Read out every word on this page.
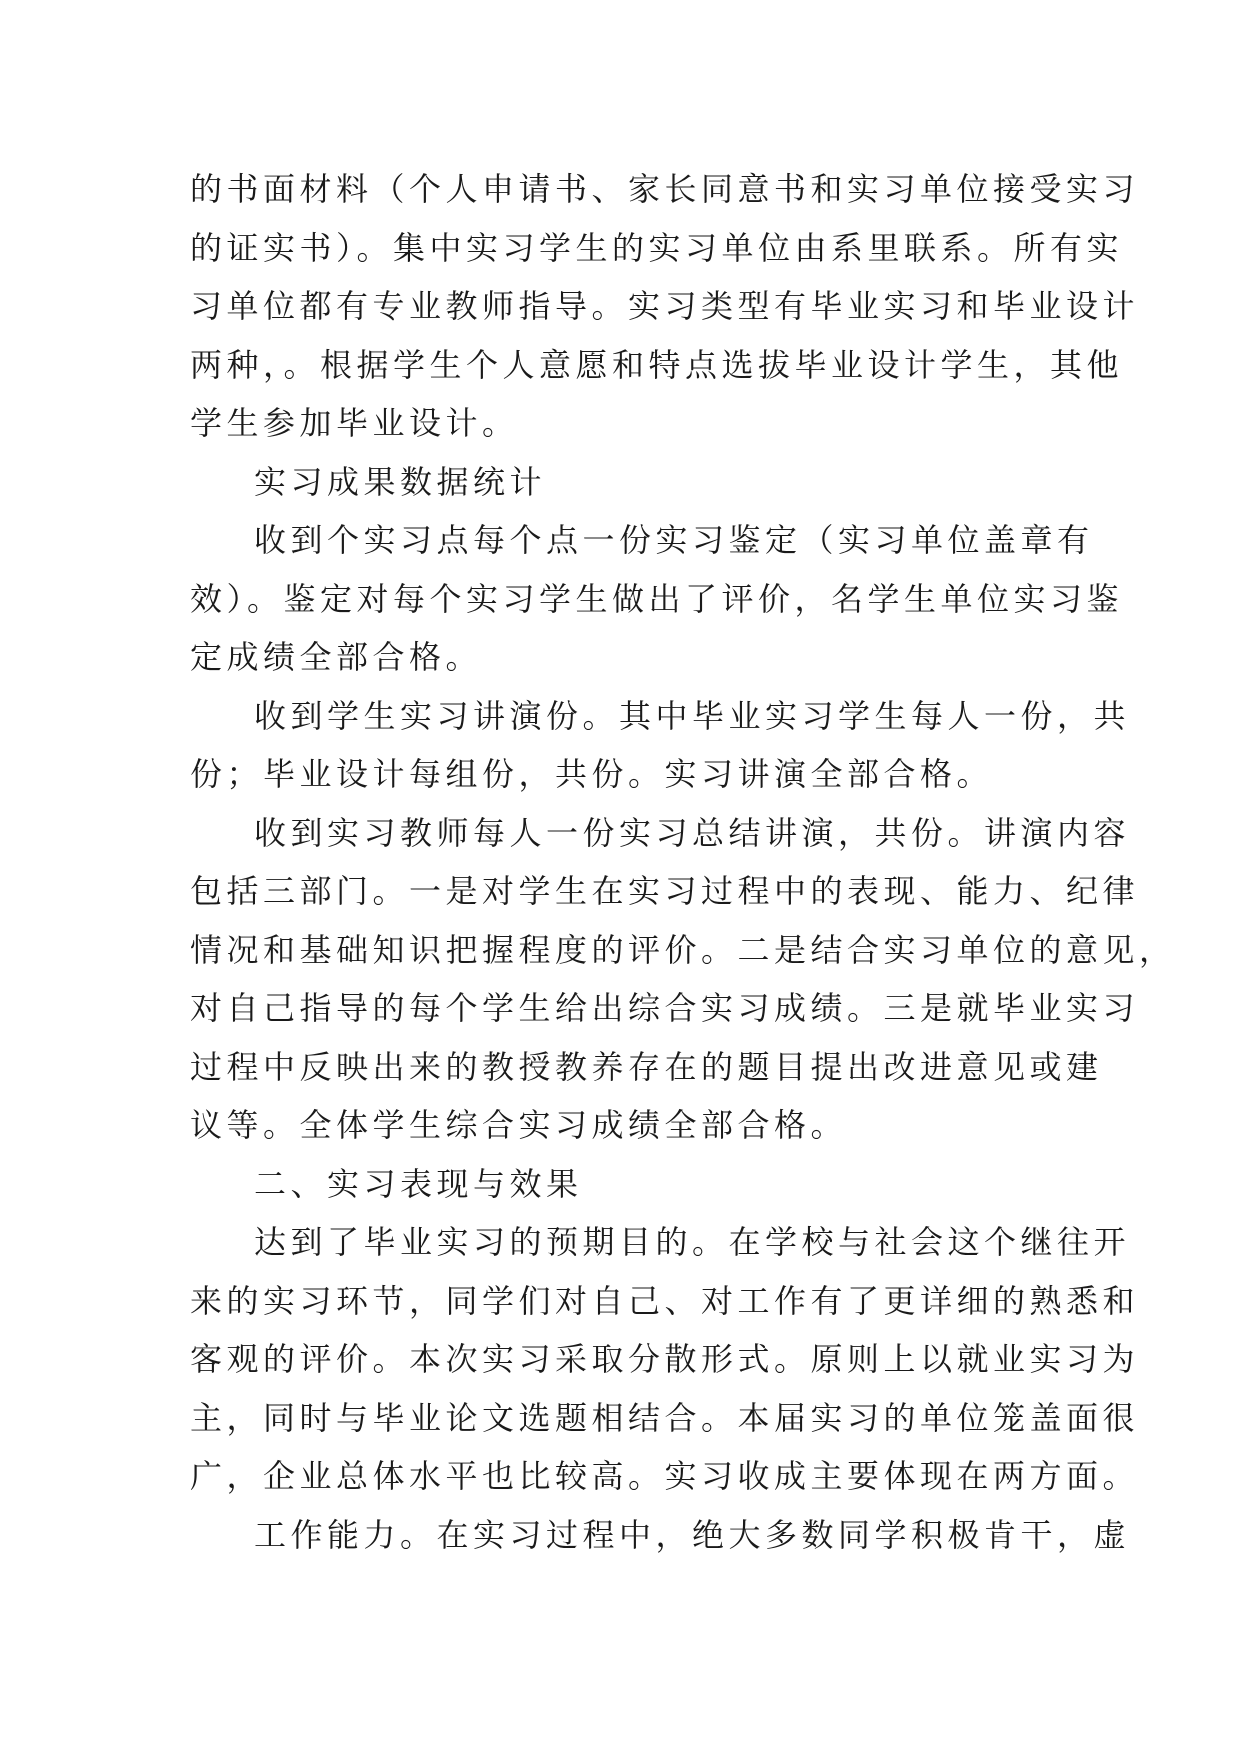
的书面材料（个人申请书、家长同意书和实习单位接受实习
的证实书）。集中实习学生的实习单位由系里联系。所有实
习单位都有专业教师指导。实习类型有毕业实习和毕业设计
两种，。根据学生个人意愿和特点选拔毕业设计学生，其他
学生参加毕业设计。
实习成果数据统计
收到个实习点每个点一份实习鉴定（实习单位盖章有
效）。鉴定对每个实习学生做出了评价，名学生单位实习鉴
定成绩全部合格。
收到学生实习讲演份。其中毕业实习学生每人一份，共
份；毕业设计每组份，共份。实习讲演全部合格。
收到实习教师每人一份实习总结讲演，共份。讲演内容
包括三部门。一是对学生在实习过程中的表现、能力、纪律
情况和基础知识把握程度的评价。二是结合实习单位的意见，
对自己指导的每个学生给出综合实习成绩。三是就毕业实习
过程中反映出来的教授教养存在的题目提出改进意见或建
议等。全体学生综合实习成绩全部合格。
二、实习表现与效果
达到了毕业实习的预期目的。在学校与社会这个继往开
来的实习环节，同学们对自己、对工作有了更详细的熟悉和
客观的评价。本次实习采取分散形式。原则上以就业实习为
主，同时与毕业论文选题相结合。本届实习的单位笼盖面很
广，企业总体水平也比较高。实习收成主要体现在两方面。
工作能力。在实习过程中，绝大多数同学积极肯干，虚
